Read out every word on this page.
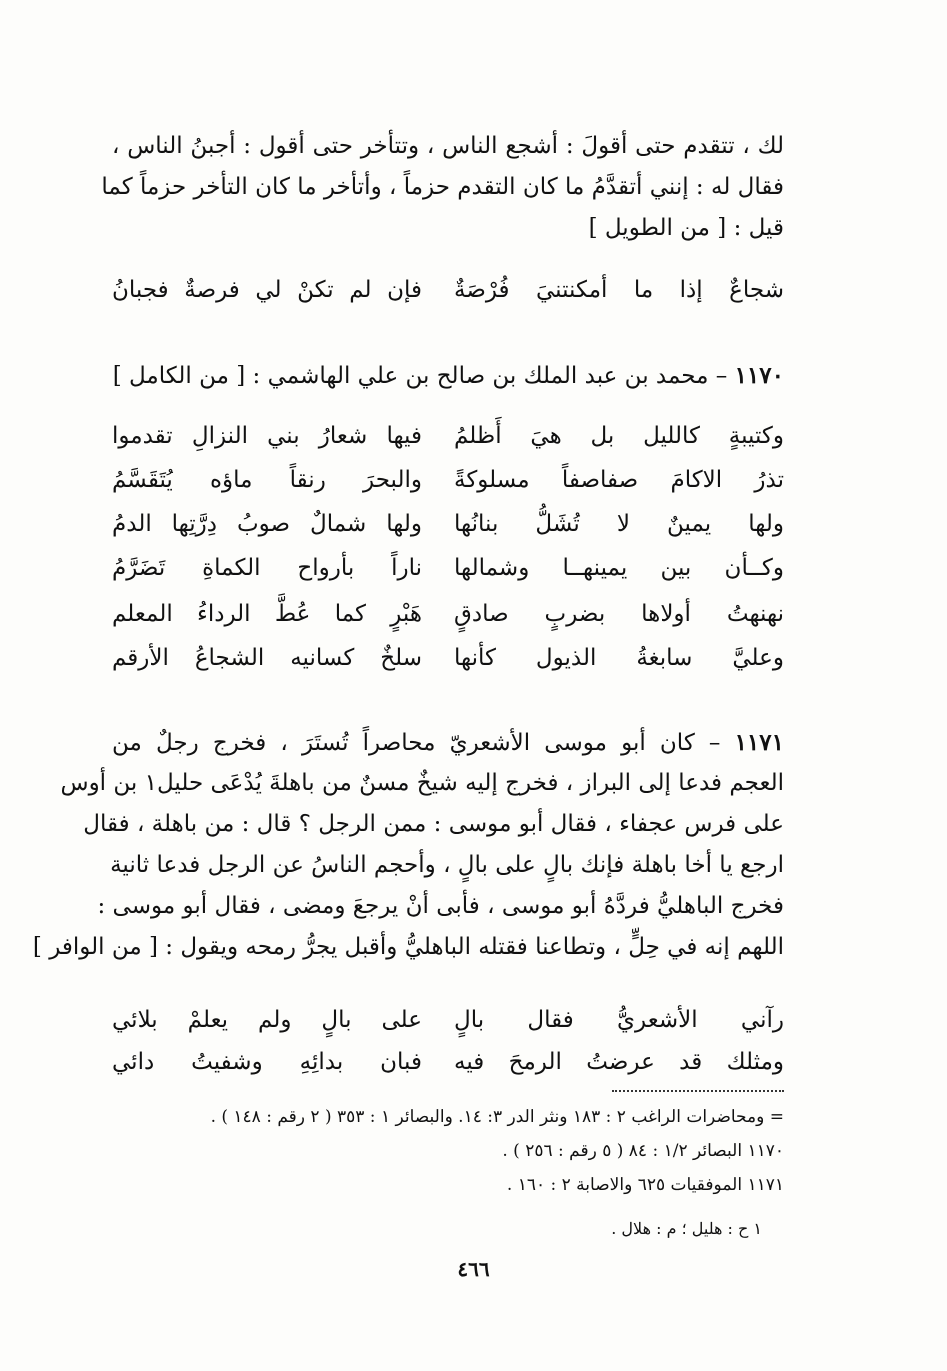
لك ، تتقدم حتى أقولَ : أشجع الناس ، وتتأخر حتى أقول : أجبنُ الناس ،
فقال له : إنني أتقدَّمُ ما كان التقدم حزماً ، وأتأخر ما كان التأخر حزماً كما
قيل : [ من الطويل ]
شجاعٌ إذا ما أمكنتنيَ فُرْصَةٌ
فإن لم تكنْ لي فرصةٌ فجبانُ
١١٧٠ – محمد بن عبد الملك بن صالح بن علي الهاشمي : [ من الكامل ]
وكتيبةٍ كالليل بل هيَ أَظلمُ
فيها شعارُ بني النزالِ تقدموا
تذرُ الاكامَ صفاصفاً مسلوكةً
والبحرَ رنقاً ماؤه يُتَقَسَّمُ
ولها يمينٌ لا تُشَلُّ بنانُها
ولها شمالٌ صوبُ دِرَّتِها الدمُ
وكــأن بين يمينهــا وشمالها
ناراً بأرواح الكماةِ تَضَرَّمُ
نهنهتُ أولاها بضربٍ صادقٍ
هَبْرٍ كما عُطَّ الرداءُ المعلم
وعليَّ سابغةُ الذيول كأنها
سلخٌ كسانيه الشجاعُ الأرقم
١١٧١ – كان أبو موسى الأشعريّ محاصراً تُستَرَ ، فخرج رجلٌ من
العجم فدعا إلى البراز ، فخرج إليه شيخٌ مسنٌ من باهلةَ يُدْعَى حليل١ بن أوس
على فرس عجفاء ، فقال أبو موسى : ممن الرجل ؟ قال : من باهلة ، فقال
ارجع يا أخا باهلة فإنك بالٍ على بالٍ ، وأحجم الناسُ عن الرجل فدعا ثانية
فخرج الباهليُّ فردَّهُ أبو موسى ، فأبى أنْ يرجعَ ومضى ، فقال أبو موسى :
اللهم إنه في حِلٍّ ، وتطاعنا فقتله الباهليُّ وأقبل يجرُّ رمحه ويقول : [ من الوافر ]
رآني الأشعريُّ فقال بالٍ
على بالٍ ولم يعلمْ بلائي
ومثلك قد عرضتُ الرمحَ فيه
فبان بدائِهِ وشفيتُ دائي
= ومحاضرات الراغب ٢ : ١٨٣ ونثر الدر ٣: ١٤. والبصائر ١ : ٣٥٣ ( ٢ رقم : ١٤٨ ) .
١١٧٠ البصائر ١/٢ : ٨٤ ( ٥ رقم : ٢٥٦ ) .
١١٧١ الموفقيات ٦٢٥ والاصابة ٢ : ١٦٠ .
١ ح : هليل ؛ م : هلال .
٤٦٦
